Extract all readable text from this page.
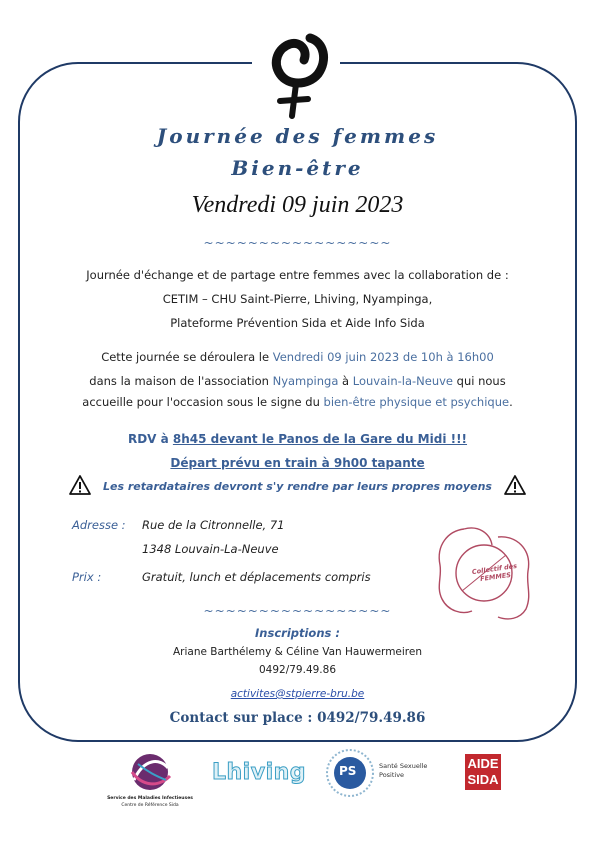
Journée des femmes
Bien-être
Vendredi 09 juin 2023
~~~~~~~~~~~~~~~~~
Journée d'échange et de partage entre femmes avec la collaboration de :
CETIM – CHU Saint-Pierre, Lhiving, Nyampinga,
Plateforme Prévention Sida et Aide Info Sida
Cette journée se déroulera le Vendredi 09 juin 2023 de 10h à 16h00
dans la maison de l'association Nyampinga à Louvain-la-Neuve qui nous
accueille pour l'occasion sous le signe du bien-être physique et psychique.
RDV à 8h45 devant le Panos de la Gare du Midi !!!
Départ prévu en train à 9h00 tapante
Les retardataires devront s'y rendre par leurs propres moyens
Adresse : Rue de la Citronnelle, 71
1348 Louvain-La-Neuve
Prix :	Gratuit, lunch et déplacements compris
Collectif des FEMMES
~~~~~~~~~~~~~~~~~
Inscriptions :
Ariane Barthélemy & Céline Van Hauwermeiren
0492/79.49.86
activites@stpierre-bru.be
Contact sur place : 0492/79.49.86
Service des Maladies Infectieuses
Centre de Référence Sida
Lhiving	PS	Santé Sexuelle
Positive
AIDE
SIDA
